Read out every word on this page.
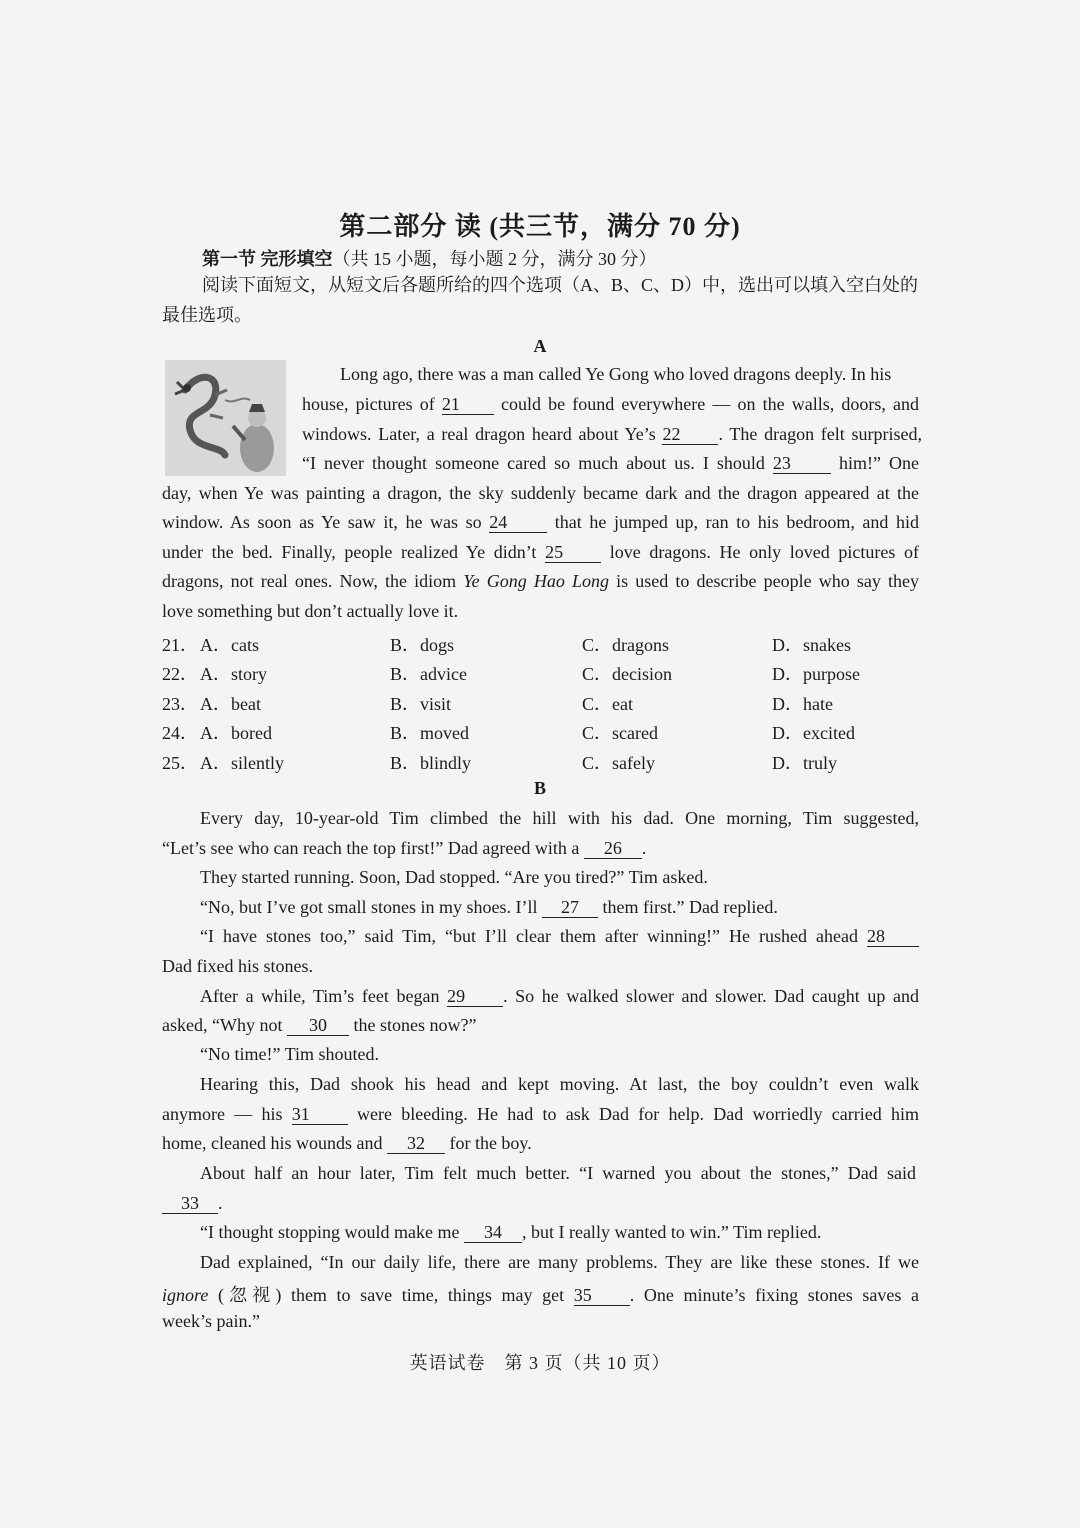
第二部分 读 (共三节，满分 70 分)
第一节 完形填空（共 15 小题，每小题 2 分，满分 30 分）
阅读下面短文，从短文后各题所给的四个选项（A、B、C、D）中，选出可以填入空白处的最佳选项。
A
Long ago, there was a man called Ye Gong who loved dragons deeply. In his
house, pictures of 21 could be found everywhere — on the walls, doors, and
windows. Later, a real dragon heard about Ye’s 22 . The dragon felt surprised,
“I never thought someone cared so much about us. I should 23 him!” One
day, when Ye was painting a dragon, the sky suddenly became dark and the dragon appeared at the
window. As soon as Ye saw it, he was so 24 that he jumped up, ran to his bedroom, and hid
under the bed. Finally, people realized Ye didn’t 25 love dragons. He only loved pictures of
dragons, not real ones. Now, the idiom Ye Gong Hao Long is used to describe people who say they
love something but don’t actually love it.
21． A．cats	B．dogs	C．dragons	D．snakes
22． A．story	B．advice	C．decision	D．purpose
23． A．beat	B．visit	C．eat	D．hate
24． A．bored	B．moved	C．scared	D．excited
25． A．silently	B．blindly	C．safely	D．truly
B
Every day, 10-year-old Tim climbed the hill with his dad. One morning, Tim suggested,
“Let’s see who can reach the top first!” Dad agreed with a 26 .
They started running. Soon, Dad stopped. “Are you tired?” Tim asked.
“No, but I’ve got small stones in my shoes. I’ll 27 them first.” Dad replied.
“I have stones too,” said Tim, “but I’ll clear them after winning!” He rushed ahead 28
Dad fixed his stones.
After a while, Tim’s feet began 29 . So he walked slower and slower. Dad caught up and
asked, “Why not 30 the stones now?”
“No time!” Tim shouted.
Hearing this, Dad shook his head and kept moving. At last, the boy couldn’t even walk
anymore — his 31 were bleeding. He had to ask Dad for help. Dad worriedly carried him
home, cleaned his wounds and 32 for the boy.
About half an hour later, Tim felt much better. “I warned you about the stones,” Dad said
33 .
“I thought stopping would make me 34 , but I really wanted to win.” Tim replied.
Dad explained, “In our daily life, there are many problems. They are like these stones. If we
ignore (忽视) them to save time, things may get 35 . One minute’s fixing stones saves a
week’s pain.”
英语试卷　第 3 页（共 10 页）
